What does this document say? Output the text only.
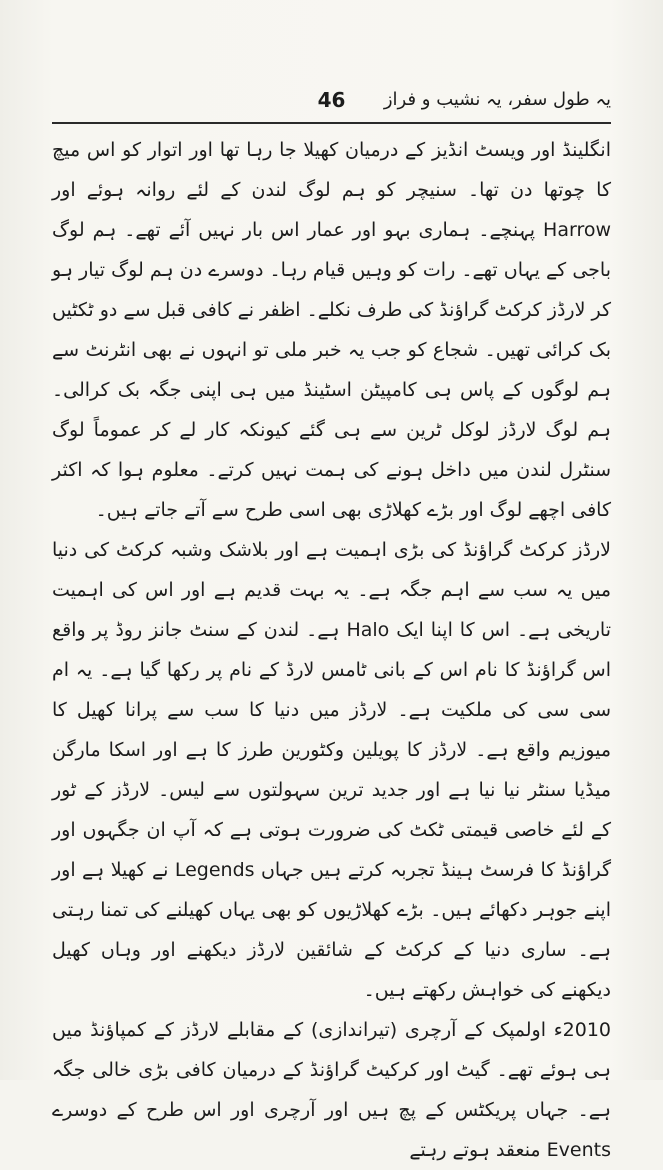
46 یہ طول سفر، یہ نشیب و فراز

انگلینڈ اور ویسٹ انڈیز کے درمیان کھیلا جا رہا تھا اور اتوار کو اس میچ کا چوتھا دن تھا۔ سنیچر کو ہم لوگ لندن کے لئے روانہ ہوئے اور Harrow پہنچے۔ ہماری بہو اور عمار اس بار نہیں آئے تھے۔ ہم لوگ باجی کے یہاں تھے۔ رات کو وہیں قیام رہا۔ دوسرے دن ہم لوگ تیار ہو کر لارڈز کرکٹ گراؤنڈ کی طرف نکلے۔ اظفر نے کافی قبل سے دو ٹکٹیں بک کرائی تھیں۔ شجاع کو جب یہ خبر ملی تو انہوں نے بھی انٹرنٹ سے ہم لوگوں کے پاس ہی کامپیٹن اسٹینڈ میں ہی اپنی جگہ بک کرالی۔ ہم لوگ لارڈز لوکل ٹرین سے ہی گئے کیونکہ کار لے کر عموماً لوگ سنٹرل لندن میں داخل ہونے کی ہمت نہیں کرتے۔ معلوم ہوا کہ اکثر کافی اچھے لوگ اور بڑے کھلاڑی بھی اسی طرح سے آتے جاتے ہیں۔

لارڈز کرکٹ گراؤنڈ کی بڑی اہمیت ہے اور بلاشک وشبہ کرکٹ کی دنیا میں یہ سب سے اہم جگہ ہے۔ یہ بہت قدیم ہے اور اس کی اہمیت تاریخی ہے۔ اس کا اپنا ایک Halo ہے۔ لندن کے سنٹ جانز روڈ پر واقع اس گراؤنڈ کا نام اس کے بانی ٹامس لارڈ کے نام پر رکھا گیا ہے۔ یہ ام سی سی کی ملکیت ہے۔ لارڈز میں دنیا کا سب سے پرانا کھیل کا میوزیم واقع ہے۔ لارڈز کا پویلین وکٹورین طرز کا ہے اور اسکا مارگن میڈیا سنٹر نیا نیا ہے اور جدید ترین سہولتوں سے لیس۔ لارڈز کے ٹور کے لئے خاصی قیمتی ٹکٹ کی ضرورت ہوتی ہے کہ آپ ان جگہوں اور گراؤنڈ کا فرسٹ ہینڈ تجربہ کرتے ہیں جہاں Legends نے کھیلا ہے اور اپنے جوہر دکھائے ہیں۔ بڑے کھلاڑیوں کو بھی یہاں کھیلنے کی تمنا رہتی ہے۔ ساری دنیا کے کرکٹ کے شائقین لارڈز دیکھنے اور وہاں کھیل دیکھنے کی خواہش رکھتے ہیں۔

2010ء اولمپک کے آرچری (تیراندازی) کے مقابلے لارڈز کے کمپاؤنڈ میں ہی ہوئے تھے۔ گیٹ اور کرکیٹ گراؤنڈ کے درمیان کافی بڑی خالی جگہ ہے۔ جہاں پریکٹس کے پچ ہیں اور آرچری اور اس طرح کے دوسرے Events منعقد ہوتے رہتے
